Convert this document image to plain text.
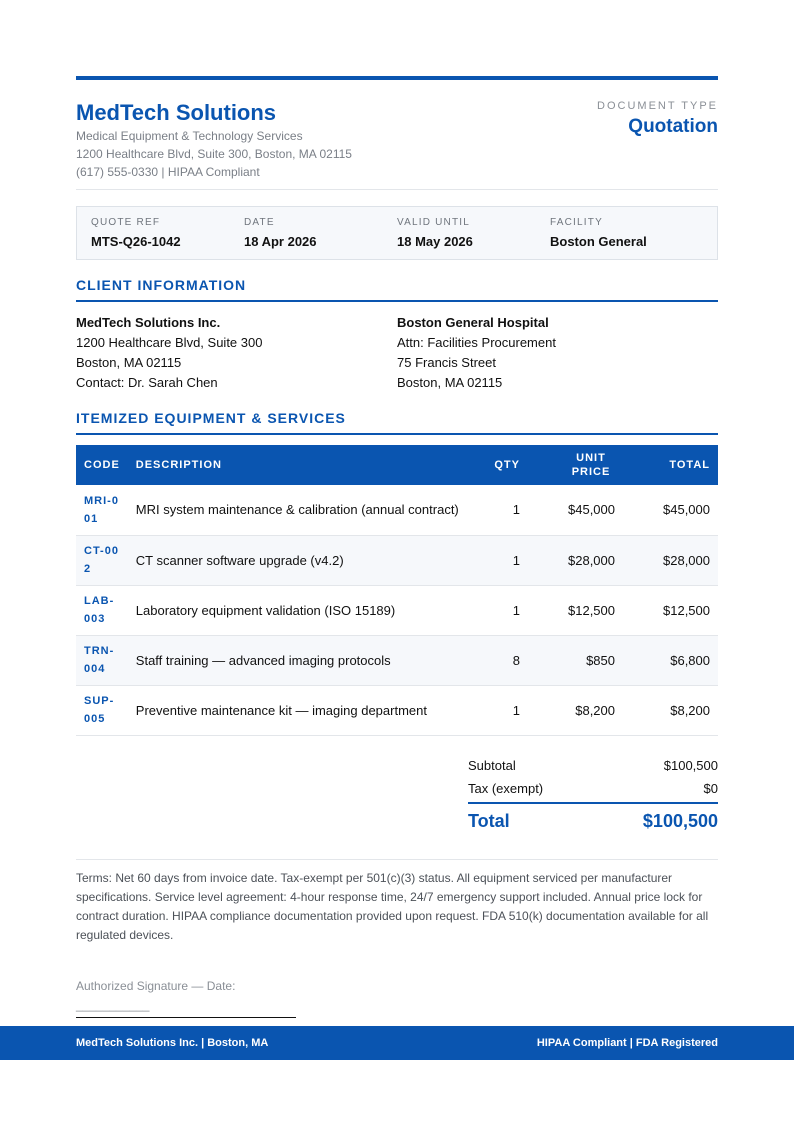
MedTech Solutions
Medical Equipment & Technology Services
1200 Healthcare Blvd, Suite 300, Boston, MA 02115
(617) 555-0330 | HIPAA Compliant
DOCUMENT TYPE
Quotation
QUOTE REF
MTS-Q26-1042
DATE
18 Apr 2026
VALID UNTIL
18 May 2026
FACILITY
Boston General
CLIENT INFORMATION
MedTech Solutions Inc.
1200 Healthcare Blvd, Suite 300
Boston, MA 02115
Contact: Dr. Sarah Chen
Boston General Hospital
Attn: Facilities Procurement
75 Francis Street
Boston, MA 02115
ITEMIZED EQUIPMENT & SERVICES
CODE	DESCRIPTION	QTY	UNIT PRICE	TOTAL
MRI-001	MRI system maintenance & calibration (annual contract)	1	$45,000	$45,000
CT-002	CT scanner software upgrade (v4.2)	1	$28,000	$28,000
LAB-003	Laboratory equipment validation (ISO 15189)	1	$12,500	$12,500
TRN-004	Staff training — advanced imaging protocols	8	$850	$6,800
SUP-005	Preventive maintenance kit — imaging department	1	$8,200	$8,200
Subtotal	$100,500
Tax (exempt)	$0
Total	$100,500
Terms: Net 60 days from invoice date. Tax-exempt per 501(c)(3) status. All equipment serviced per manufacturer specifications. Service level agreement: 4-hour response time, 24/7 emergency support included. Annual price lock for contract duration. HIPAA compliance documentation provided upon request. FDA 510(k) documentation available for all regulated devices.
Authorized Signature — Date: ___________
MedTech Solutions Inc. | Boston, MA	HIPAA Compliant | FDA Registered
